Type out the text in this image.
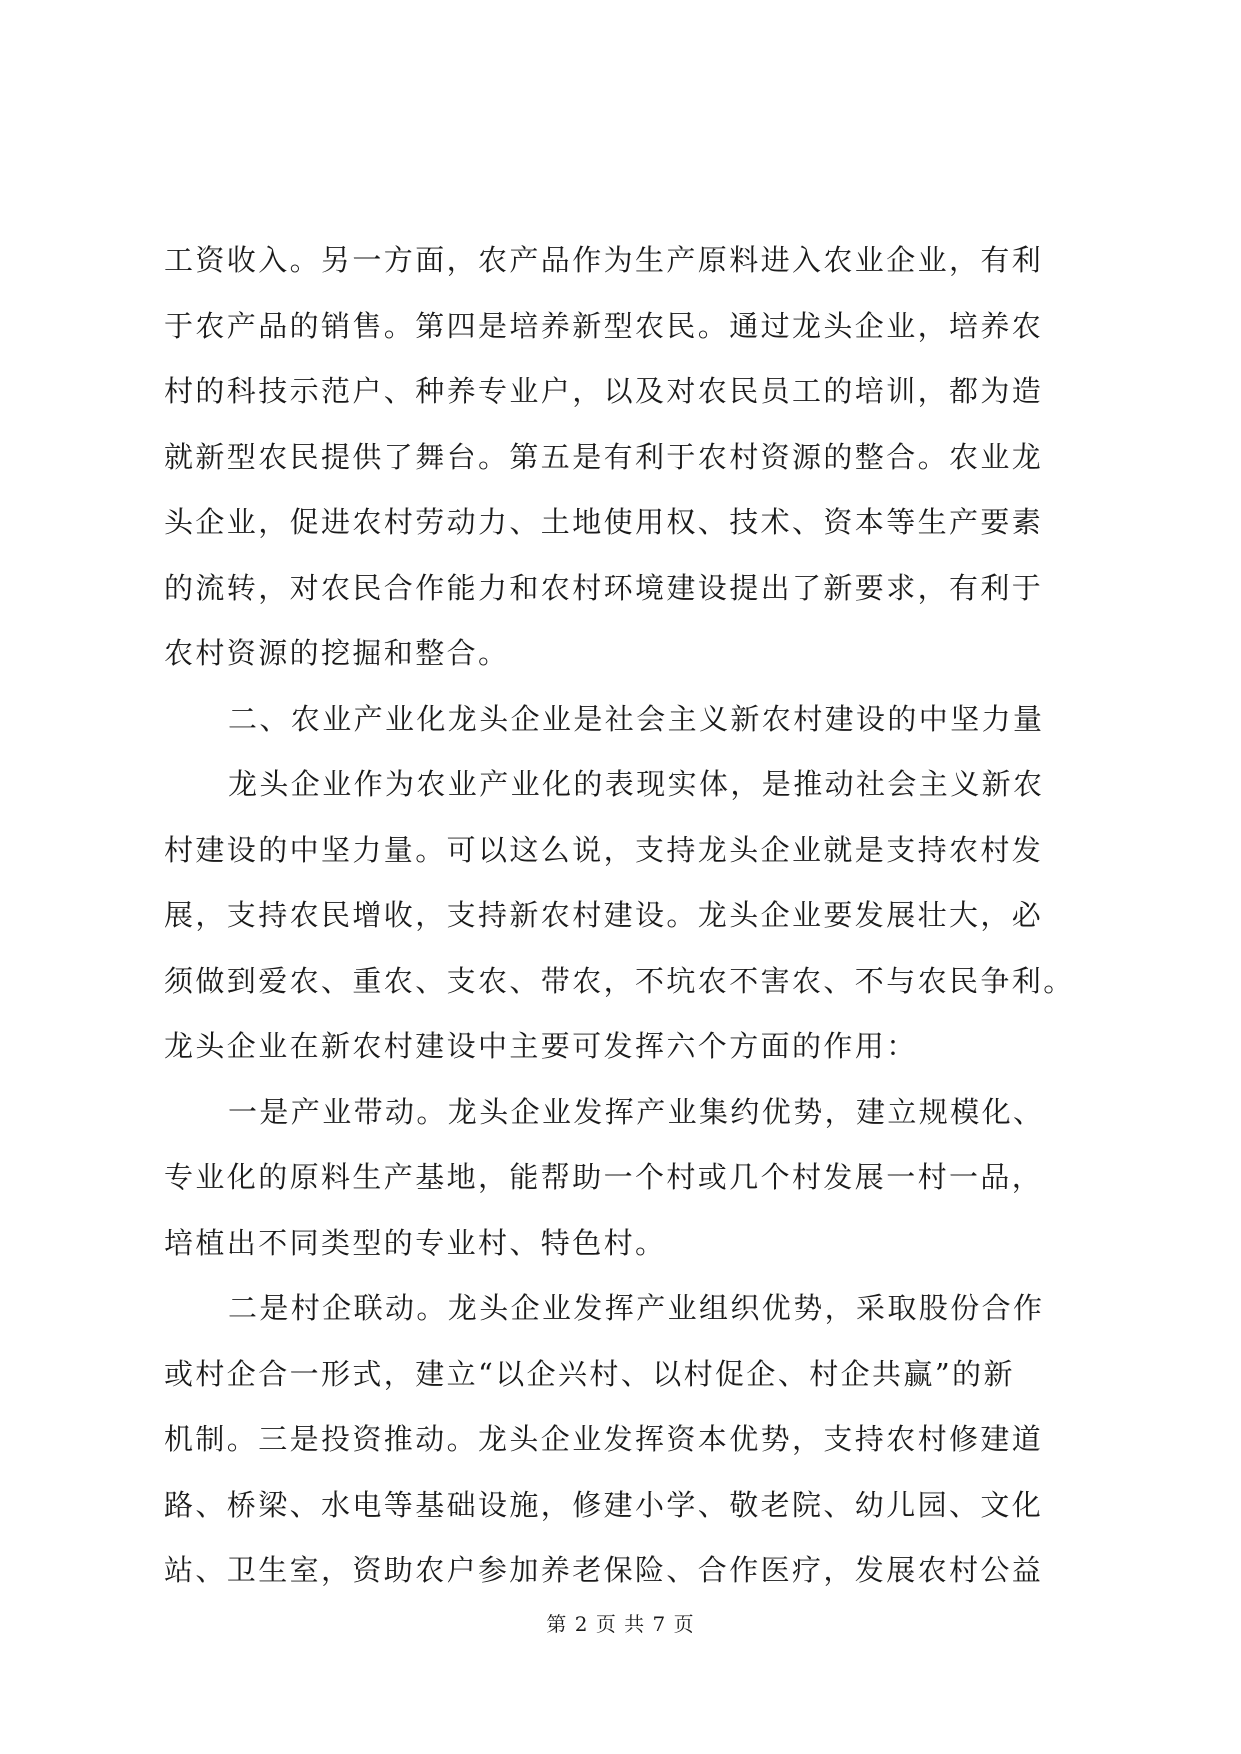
工资收入。另一方面，农产品作为生产原料进入农业企业，有利
于农产品的销售。第四是培养新型农民。通过龙头企业，培养农
村的科技示范户、种养专业户，以及对农民员工的培训，都为造
就新型农民提供了舞台。第五是有利于农村资源的整合。农业龙
头企业，促进农村劳动力、土地使用权、技术、资本等生产要素
的流转，对农民合作能力和农村环境建设提出了新要求，有利于
农村资源的挖掘和整合。
二、农业产业化龙头企业是社会主义新农村建设的中坚力量
龙头企业作为农业产业化的表现实体，是推动社会主义新农
村建设的中坚力量。可以这么说，支持龙头企业就是支持农村发
展，支持农民增收，支持新农村建设。龙头企业要发展壮大，必
须做到爱农、重农、支农、带农，不坑农不害农、不与农民争利。
龙头企业在新农村建设中主要可发挥六个方面的作用：
一是产业带动。龙头企业发挥产业集约优势，建立规模化、
专业化的原料生产基地，能帮助一个村或几个村发展一村一品，
培植出不同类型的专业村、特色村。
二是村企联动。龙头企业发挥产业组织优势，采取股份合作
或村企合一形式，建立“以企兴村、以村促企、村企共赢”的新
机制。三是投资推动。龙头企业发挥资本优势，支持农村修建道
路、桥梁、水电等基础设施，修建小学、敬老院、幼儿园、文化
站、卫生室，资助农户参加养老保险、合作医疗，发展农村公益
第 2 页 共 7 页
